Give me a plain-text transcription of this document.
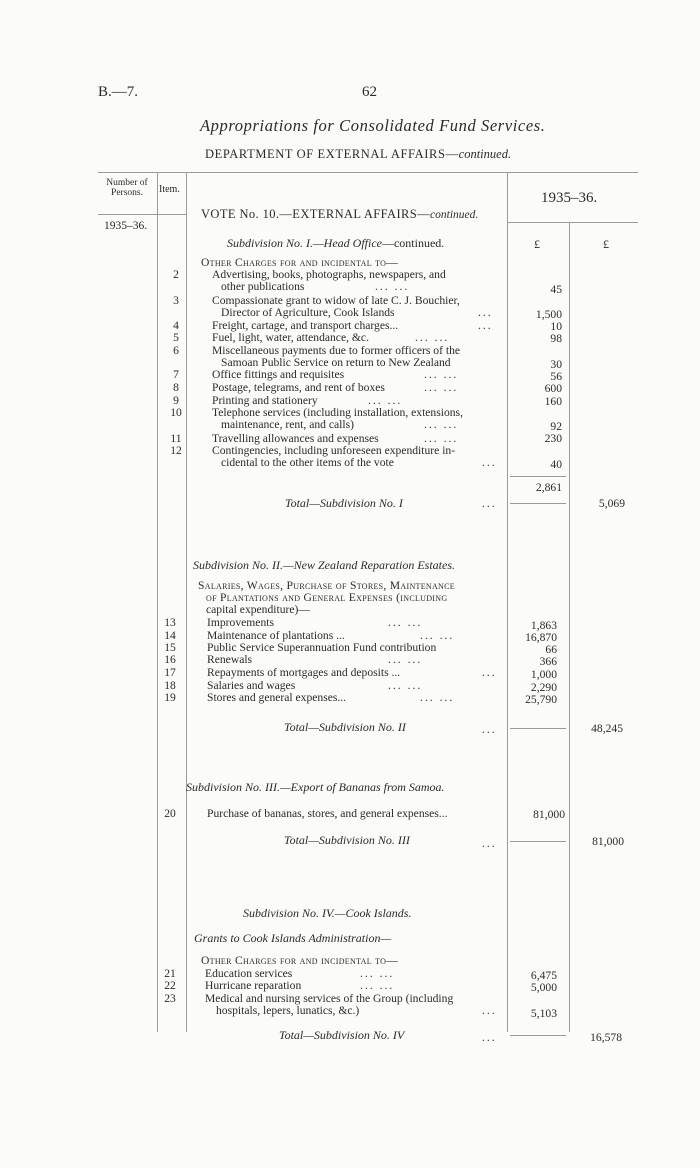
B.—7.	62
Appropriations for Consolidated Fund Services.
DEPARTMENT OF EXTERNAL AFFAIRS—continued.
Number of Persons.	Item.
1935–36.
1935–36.
VOTE No. 10.—EXTERNAL AFFAIRS—continued.
£	£
Subdivision No. I.—Head Office—continued.
Other Charges for and incidental to—
2	Advertising, books, photographs, newspapers, and
other publications	... ...	45
3	Compassionate grant to widow of late C. J. Bouchier,
Director of Agriculture, Cook Islands	...	1,500
4	Freight, cartage, and transport charges...	...	10
5	Fuel, light, water, attendance, &c.	... ...	98
6	Miscellaneous payments due to former officers of the
Samoan Public Service on return to New Zealand	30
7	Office fittings and requisites	... ...	56
8	Postage, telegrams, and rent of boxes	... ...	600
9	Printing and stationery	... ...	160
10	Telephone services (including installation, extensions,
maintenance, rent, and calls)	... ...	92
11	Travelling allowances and expenses	... ...	230
12	Contingencies, including unforeseen expenditure in-
cidental to the other items of the vote	...	40
2,861
Total—Subdivision No. I	...	5,069
Subdivision No. II.—New Zealand Reparation Estates.
Salaries, Wages, Purchase of Stores, Maintenance
of Plantations and General Expenses (including
capital expenditure)—
13	Improvements	... ...	1,863
14	Maintenance of plantations ...	... ...	16,870
15	Public Service Superannuation Fund contribution	66
16	Renewals	... ...	366
17	Repayments of mortgages and deposits ...	...	1,000
18	Salaries and wages	... ...	2,290
19	Stores and general expenses...	... ...	25,790
Total—Subdivision No. II	...	48,245
Subdivision No. III.—Export of Bananas from Samoa.
20	Purchase of bananas, stores, and general expenses...	81,000
Total—Subdivision No. III	...	81,000
Subdivision No. IV.—Cook Islands.
Grants to Cook Islands Administration—
Other Charges for and incidental to—
21	Education services	... ...	6,475
22	Hurricane reparation	... ...	5,000
23	Medical and nursing services of the Group (including
hospitals, lepers, lunatics, &c.)	...	5,103
Total—Subdivision No. IV	...	16,578
